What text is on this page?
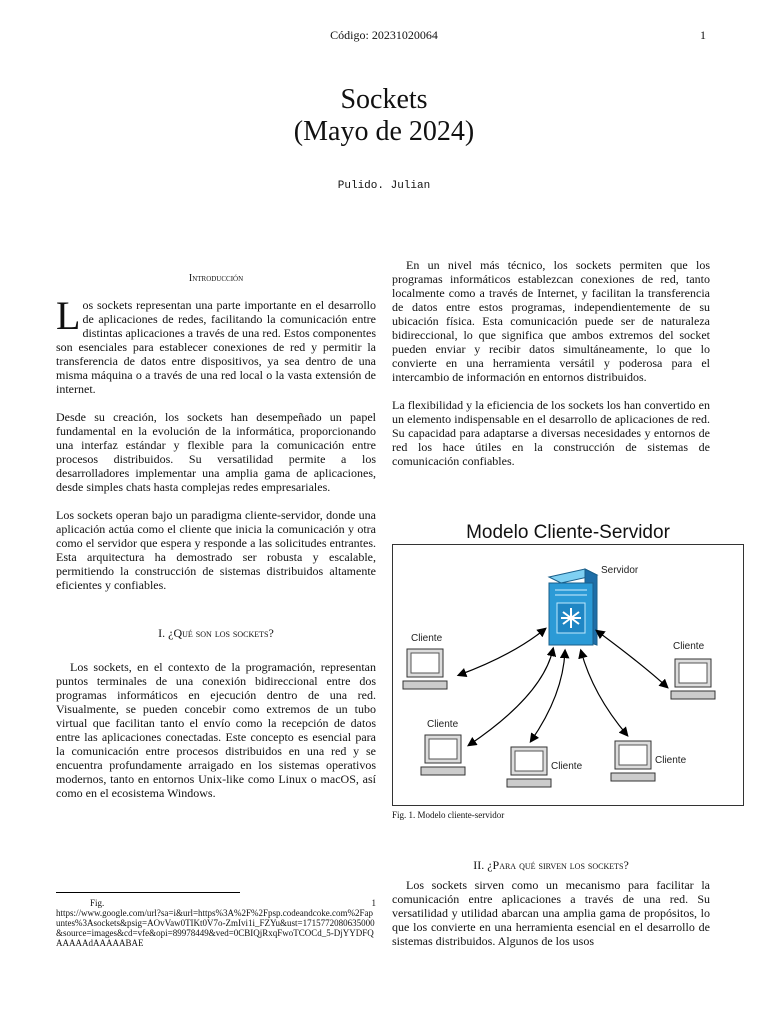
Código: 20231020064	1
Sockets
(Mayo de 2024)
Pulido. Julian

Introducción

Los sockets representan una parte importante en el desarrollo de aplicaciones de redes, facilitando la comunicación entre distintas aplicaciones a través de una red. Estos componentes son esenciales para establecer conexiones de red y permitir la transferencia de datos entre dispositivos, ya sea dentro de una misma máquina o a través de una red local o la vasta extensión de internet.

Desde su creación, los sockets han desempeñado un papel fundamental en la evolución de la informática, proporcionando una interfaz estándar y flexible para la comunicación entre procesos distribuidos. Su versatilidad permite a los desarrolladores implementar una amplia gama de aplicaciones, desde simples chats hasta complejas redes empresariales.

Los sockets operan bajo un paradigma cliente-servidor, donde una aplicación actúa como el cliente que inicia la comunicación y otra como el servidor que espera y responde a las solicitudes entrantes. Esta arquitectura ha demostrado ser robusta y escalable, permitiendo la construcción de sistemas distribuidos altamente eficientes y confiables.

I. ¿Qué son los sockets?

Los sockets, en el contexto de la programación, representan puntos terminales de una conexión bidireccional entre dos programas informáticos en ejecución dentro de una red. Visualmente, se pueden concebir como extremos de un tubo virtual que facilitan tanto el envío como la recepción de datos entre las aplicaciones conectadas. Este concepto es esencial para la comunicación entre procesos distribuidos en una red y se encuentra profundamente arraigado en los sistemas operativos modernos, tanto en entornos Unix-like como Linux o macOS, así como en el ecosistema Windows.

Fig.	1
https://www.google.com/url?sa=i&url=https%3A%2F%2Fpsp.codeandcoke.com%2Fapuntes%3Asockets&psig=AOvVaw0TIKt0V7o-ZmIvi1i_FZYu&ust=1715772080635000&source=images&cd=vfe&opi=89978449&ved=0CBIQjRxqFwoTCOCd_5-DjYYDFQAAAAAdAAAAABAE

En un nivel más técnico, los sockets permiten que los programas informáticos establezcan conexiones de red, tanto localmente como a través de Internet, y facilitan la transferencia de datos entre estos programas, independientemente de su ubicación física. Esta comunicación puede ser de naturaleza bidireccional, lo que significa que ambos extremos del socket pueden enviar y recibir datos simultáneamente, lo que lo convierte en una herramienta versátil y poderosa para el intercambio de información en entornos distribuidos.

La flexibilidad y la eficiencia de los sockets los han convertido en un elemento indispensable en el desarrollo de aplicaciones de red. Su capacidad para adaptarse a diversas necesidades y entornos de red los hace útiles en la construcción de sistemas de comunicación confiables.

Modelo Cliente-Servidor
Servidor
Cliente
Cliente
Cliente
Cliente
Cliente
Fig. 1. Modelo cliente-servidor

II. ¿Para qué sirven los sockets?

Los sockets sirven como un mecanismo para facilitar la comunicación entre aplicaciones a través de una red. Su versatilidad y utilidad abarcan una amplia gama de propósitos, lo que los convierte en una herramienta esencial en el desarrollo de sistemas distribuidos. Algunos de los usos
